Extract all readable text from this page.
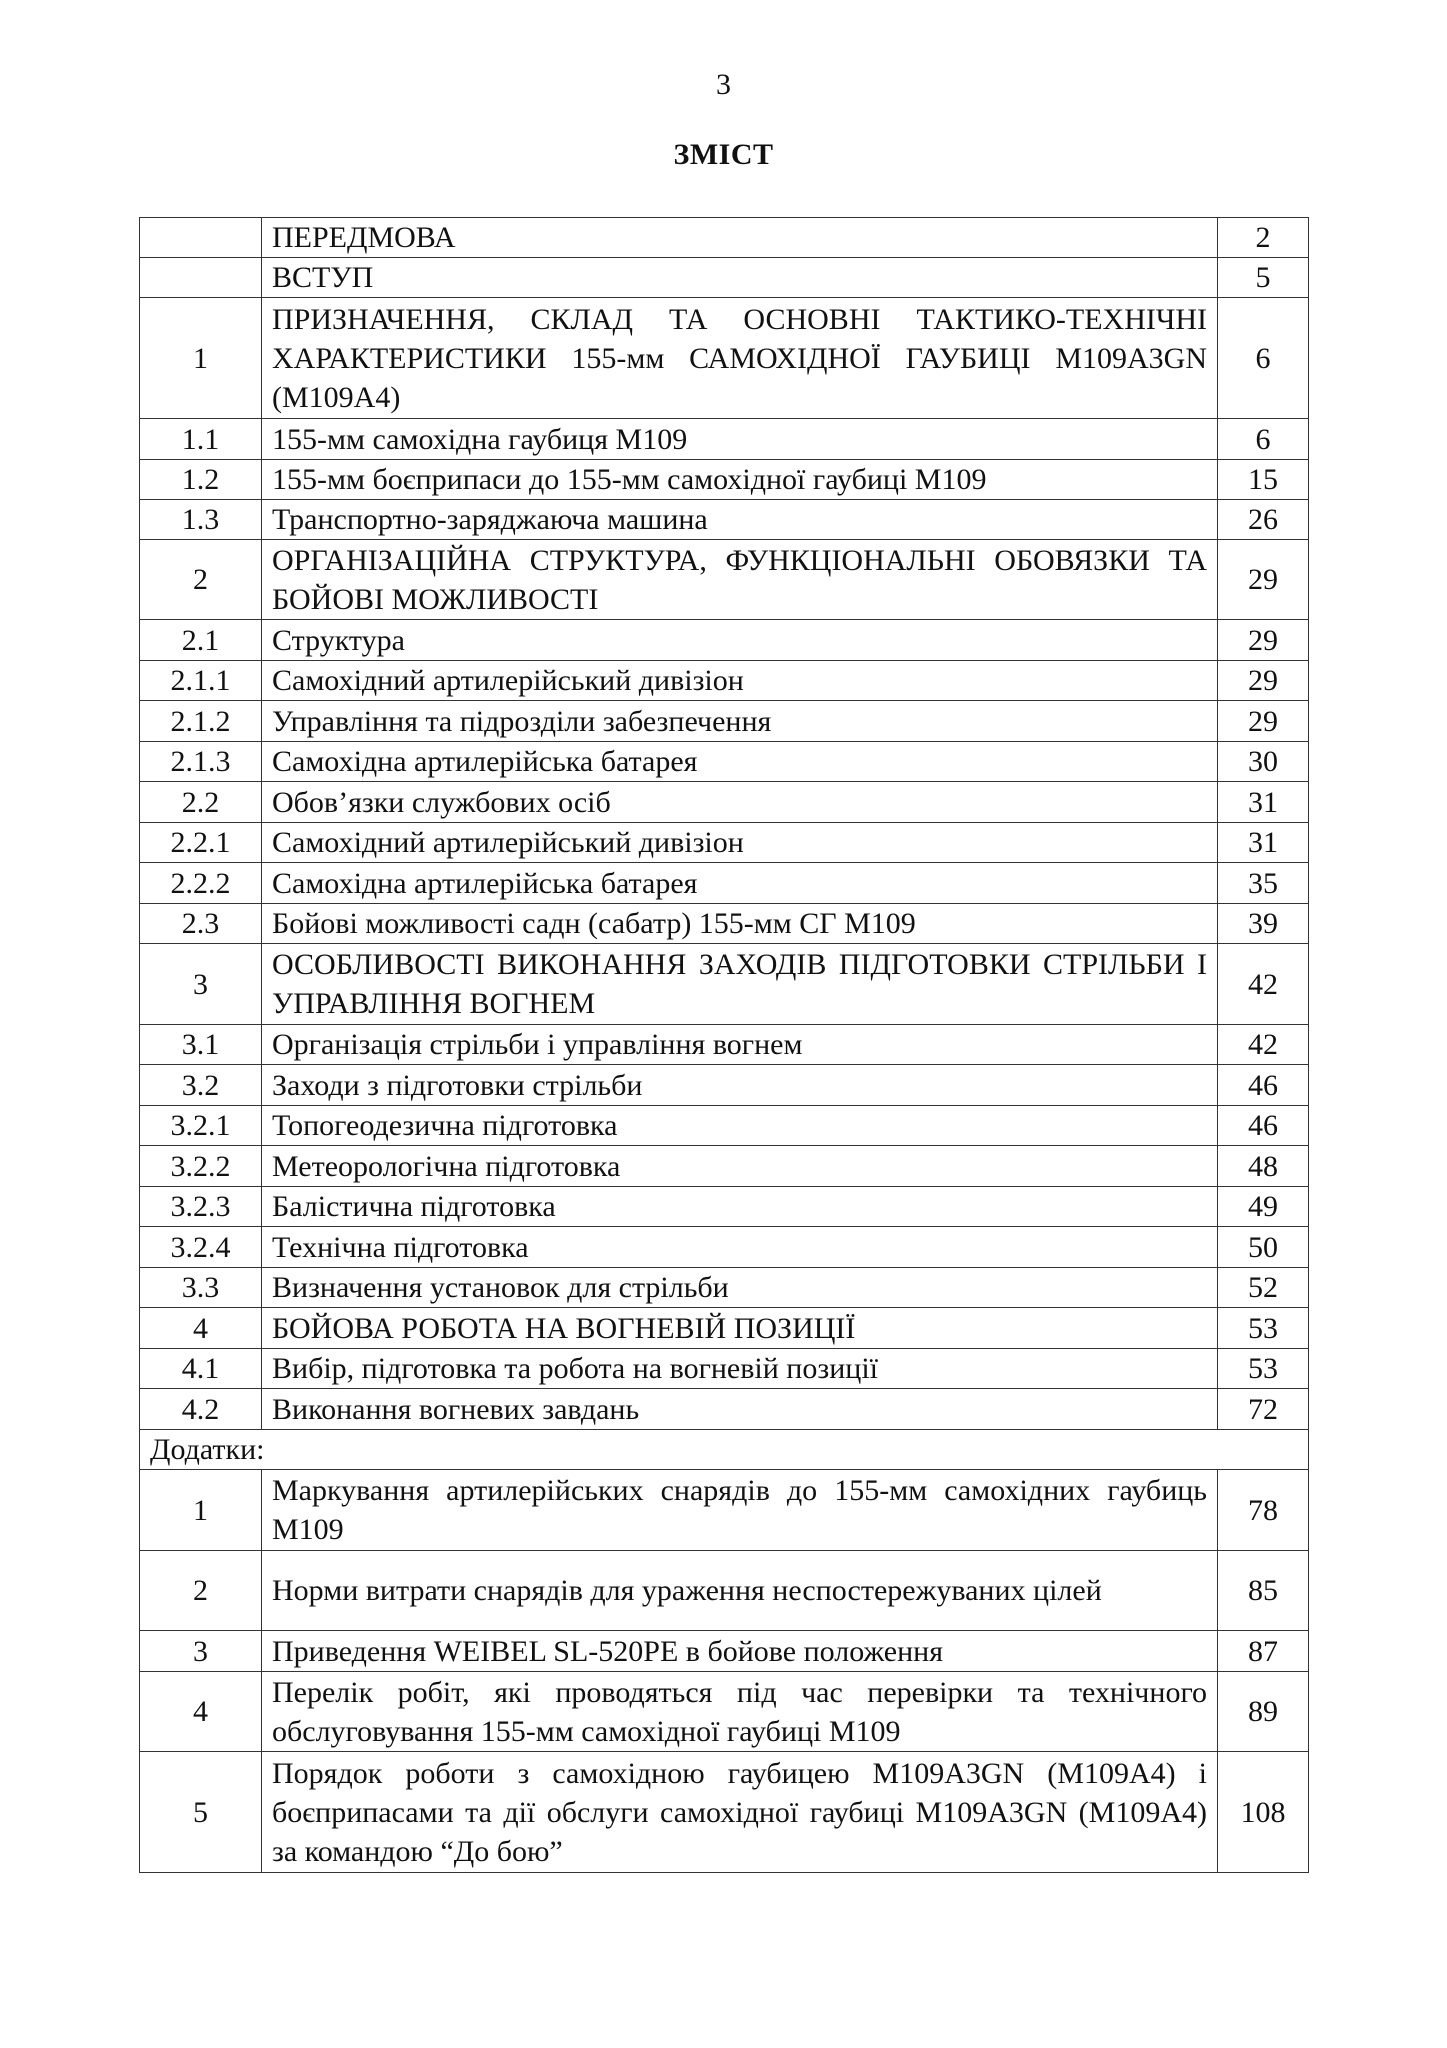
3
ЗМІСТ
	ПЕРЕДМОВА	2
	ВСТУП	5
1	ПРИЗНАЧЕННЯ, СКЛАД ТА ОСНОВНІ ТАКТИКО-ТЕХНІЧНІ ХАРАКТЕРИСТИКИ 155-мм САМОХІДНОЇ ГАУБИЦІ M109A3GN (M109A4)	6
1.1	155-мм самохідна гаубиця М109	6
1.2	155-мм боєприпаси до 155-мм самохідної гаубиці М109	15
1.3	Транспортно-заряджаюча машина	26
2	ОРГАНІЗАЦІЙНА СТРУКТУРА, ФУНКЦІОНАЛЬНІ ОБОВЯЗКИ ТА БОЙОВІ МОЖЛИВОСТІ	29
2.1	Структура	29
2.1.1	Самохідний артилерійський дивізіон	29
2.1.2	Управління та підрозділи забезпечення	29
2.1.3	Самохідна артилерійська батарея	30
2.2	Обов’язки службових осіб	31
2.2.1	Самохідний артилерійський дивізіон	31
2.2.2	Самохідна артилерійська батарея	35
2.3	Бойові можливості садн (сабатр) 155-мм СГ М109	39
3	ОСОБЛИВОСТІ ВИКОНАННЯ ЗАХОДІВ ПІДГОТОВКИ СТРІЛЬБИ І УПРАВЛІННЯ ВОГНЕМ	42
3.1	Організація стрільби і управління вогнем	42
3.2	Заходи з підготовки стрільби	46
3.2.1	Топогеодезична підготовка	46
3.2.2	Метеорологічна підготовка	48
3.2.3	Балістична підготовка	49
3.2.4	Технічна підготовка	50
3.3	Визначення установок для стрільби	52
4	БОЙОВА РОБОТА НА ВОГНЕВІЙ ПОЗИЦІЇ	53
4.1	Вибір, підготовка та робота на вогневій позиції	53
4.2	Виконання вогневих завдань	72
Додатки:		
1	Маркування артилерійських снарядів до 155-мм самохідних гаубиць М109	78
2	Норми витрати снарядів для ураження неспостережуваних цілей	85
3	Приведення WEIBEL SL-520PE в бойове положення	87
4	Перелік робіт, які проводяться під час перевірки та технічного обслуговування 155-мм самохідної гаубиці М109	89
5	Порядок роботи з самохідною гаубицею M109A3GN (M109A4) і боєприпасами та дії обслуги самохідної гаубиці M109A3GN (M109A4) за командою “До бою”	108
